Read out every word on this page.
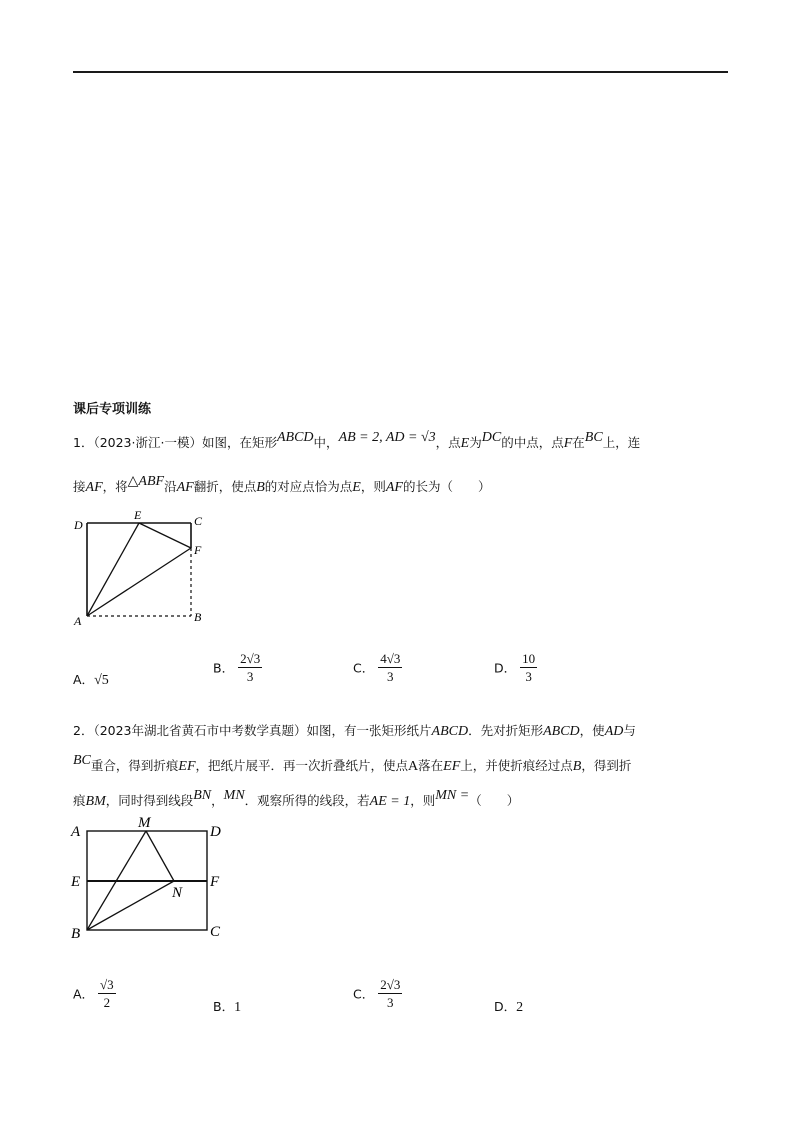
课后专项训练
1．（2023·浙江·一模）如图，在矩形ABCD中，AB = 2, AD = √3，点E为DC的中点，点F在BC上，连
接AF，将△ABF沿AF翻折，使点B的对应点恰为点E，则AF的长为（　　）
D
E	C
F
A	B
A．√5
B． $\frac{2√3}{3}$	C． $\frac{4√3}{3}$	D． $\frac{10}{3}$
2．（2023年湖北省黄石市中考数学真题）如图，有一张矩形纸片ABCD．先对折矩形ABCD，使AD与
BC重合，得到折痕EF，把纸片展平．再一次折叠纸片，使点A落在EF上，并使折痕经过点B，得到折
痕BM，同时得到线段BN，MN．观察所得的线段，若AE = 1，则MN =（　　）
A
M
D
E
N
F
B	C
A． $\frac{√3}{2}$	B．1
C． $\frac{2√3}{3}$	D．2
